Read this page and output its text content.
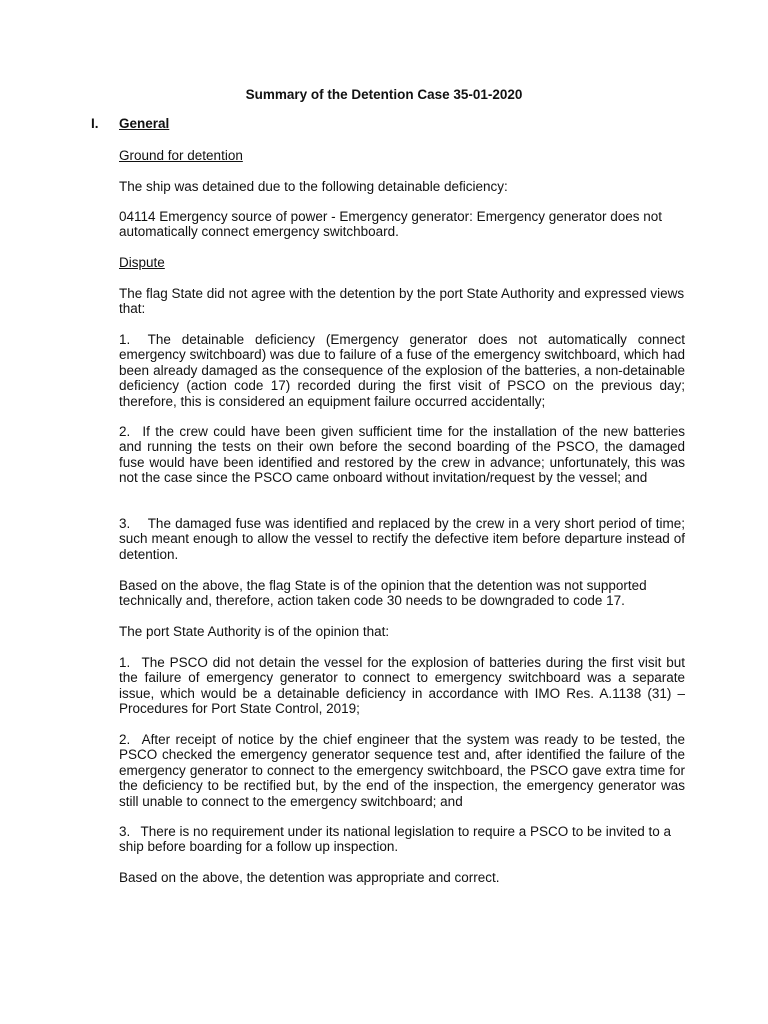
Summary of the Detention Case 35-01-2020
I. General
Ground for detention
The ship was detained due to the following detainable deficiency:
04114 Emergency source of power - Emergency generator: Emergency generator does not automatically connect emergency switchboard.
Dispute
The flag State did not agree with the detention by the port State Authority and expressed views that:
1.  The detainable deficiency (Emergency generator does not automatically connect emergency switchboard) was due to failure of a fuse of the emergency switchboard, which had been already damaged as the consequence of the explosion of the batteries, a non-detainable deficiency (action code 17) recorded during the first visit of PSCO on the previous day; therefore, this is considered an equipment failure occurred accidentally;
2.  If the crew could have been given sufficient time for the installation of the new batteries and running the tests on their own before the second boarding of the PSCO, the damaged fuse would have been identified and restored by the crew in advance; unfortunately, this was not the case since the PSCO came onboard without invitation/request by the vessel; and
3.  The damaged fuse was identified and replaced by the crew in a very short period of time; such meant enough to allow the vessel to rectify the defective item before departure instead of detention.
Based on the above, the flag State is of the opinion that the detention was not supported technically and, therefore, action taken code 30 needs to be downgraded to code 17.
The port State Authority is of the opinion that:
1.  The PSCO did not detain the vessel for the explosion of batteries during the first visit but the failure of emergency generator to connect to emergency switchboard was a separate issue, which would be a detainable deficiency in accordance with IMO Res. A.1138 (31) – Procedures for Port State Control, 2019;
2.  After receipt of notice by the chief engineer that the system was ready to be tested, the PSCO checked the emergency generator sequence test and, after identified the failure of the emergency generator to connect to the emergency switchboard, the PSCO gave extra time for the deficiency to be rectified but, by the end of the inspection, the emergency generator was still unable to connect to the emergency switchboard; and
3.  There is no requirement under its national legislation to require a PSCO to be invited to a ship before boarding for a follow up inspection.
Based on the above, the detention was appropriate and correct.
